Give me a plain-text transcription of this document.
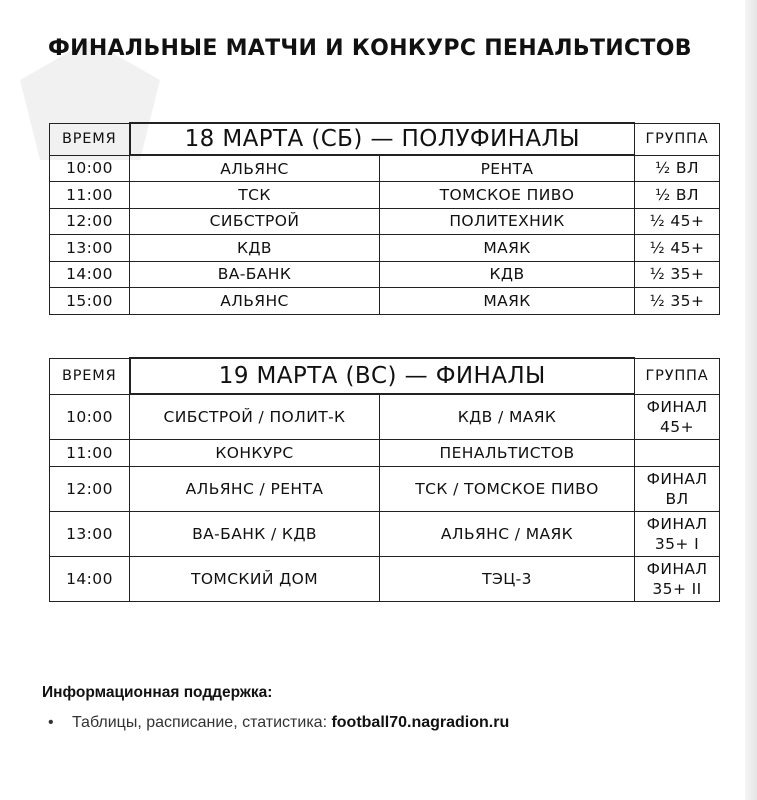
ФИНАЛЬНЫЕ МАТЧИ И КОНКУРС ПЕНАЛЬТИСТОВ
ВРЕМЯ	18 МАРТА (СБ) — ПОЛУФИНАЛЫ		ГРУППА
10:00	АЛЬЯНС	РЕНТА	½ ВЛ
11:00	ТСК	ТОМСКОЕ ПИВО	½ ВЛ
12:00	СИБСТРОЙ	ПОЛИТЕХНИК	½ 45+
13:00	КДВ	МАЯК	½ 45+
14:00	ВА-БАНК	КДВ	½ 35+
15:00	АЛЬЯНС	МАЯК	½ 35+
ВРЕМЯ	19 МАРТА (ВС) — ФИНАЛЫ		ГРУППА
10:00	СИБСТРОЙ / ПОЛИТ-К	КДВ / МАЯК	ФИНАЛ
45+

11:00	КОНКУРС	ПЕНАЛЬТИСТОВ	

12:00	АЛЬЯНС / РЕНТА	ТСК / ТОМСКОЕ ПИВО	ФИНАЛ
ВЛ

13:00	ВА-БАНК / КДВ	АЛЬЯНС / МАЯК	ФИНАЛ
35+ I

14:00	ТОМСКИЙ ДОМ	ТЭЦ-3	ФИНАЛ
35+ II
Информационная поддержка:
• Таблицы, расписание, статистика: football70.nagradion.ru
